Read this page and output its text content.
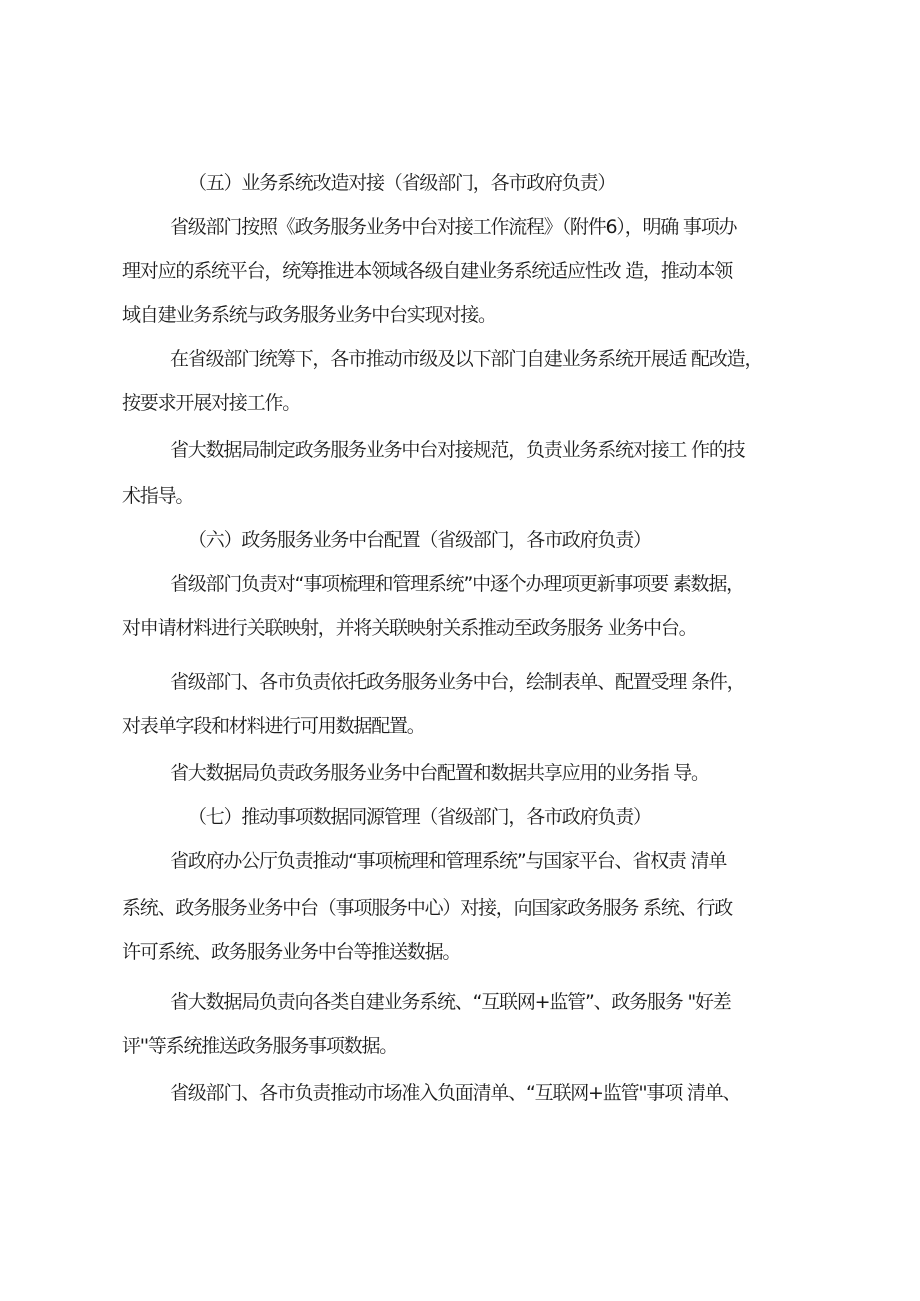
（五）业务系统改造对接（省级部门，各市政府负责）
省级部门按照《政务服务业务中台对接工作流程》（附件6），明确 事项办
理对应的系统平台，统筹推进本领域各级自建业务系统适应性改 造，推动本领
域自建业务系统与政务服务业务中台实现对接。
在省级部门统筹下，各市推动市级及以下部门自建业务系统开展适 配改造，
按要求开展对接工作。
省大数据局制定政务服务业务中台对接规范，负责业务系统对接工 作的技
术指导。
（六）政务服务业务中台配置（省级部门，各市政府负责）
省级部门负责对“事项梳理和管理系统”中逐个办理项更新事项要 素数据，
对申请材料进行关联映射，并将关联映射关系推动至政务服务 业务中台。
省级部门、各市负责依托政务服务业务中台，绘制表单、配置受理 条件，
对表单字段和材料进行可用数据配置。
省大数据局负责政务服务业务中台配置和数据共享应用的业务指 导。
（七）推动事项数据同源管理（省级部门，各市政府负责）
省政府办公厅负责推动“事项梳理和管理系统”与国家平台、省权责 清单
系统、政务服务业务中台（事项服务中心）对接，向国家政务服务 系统、行政
许可系统、政务服务业务中台等推送数据。
省大数据局负责向各类自建业务系统、“互联网+监管”、政务服务 "好差
评''等系统推送政务服务事项数据。
省级部门、各市负责推动市场准入负面清单、“互联网+监管''事项 清单、
